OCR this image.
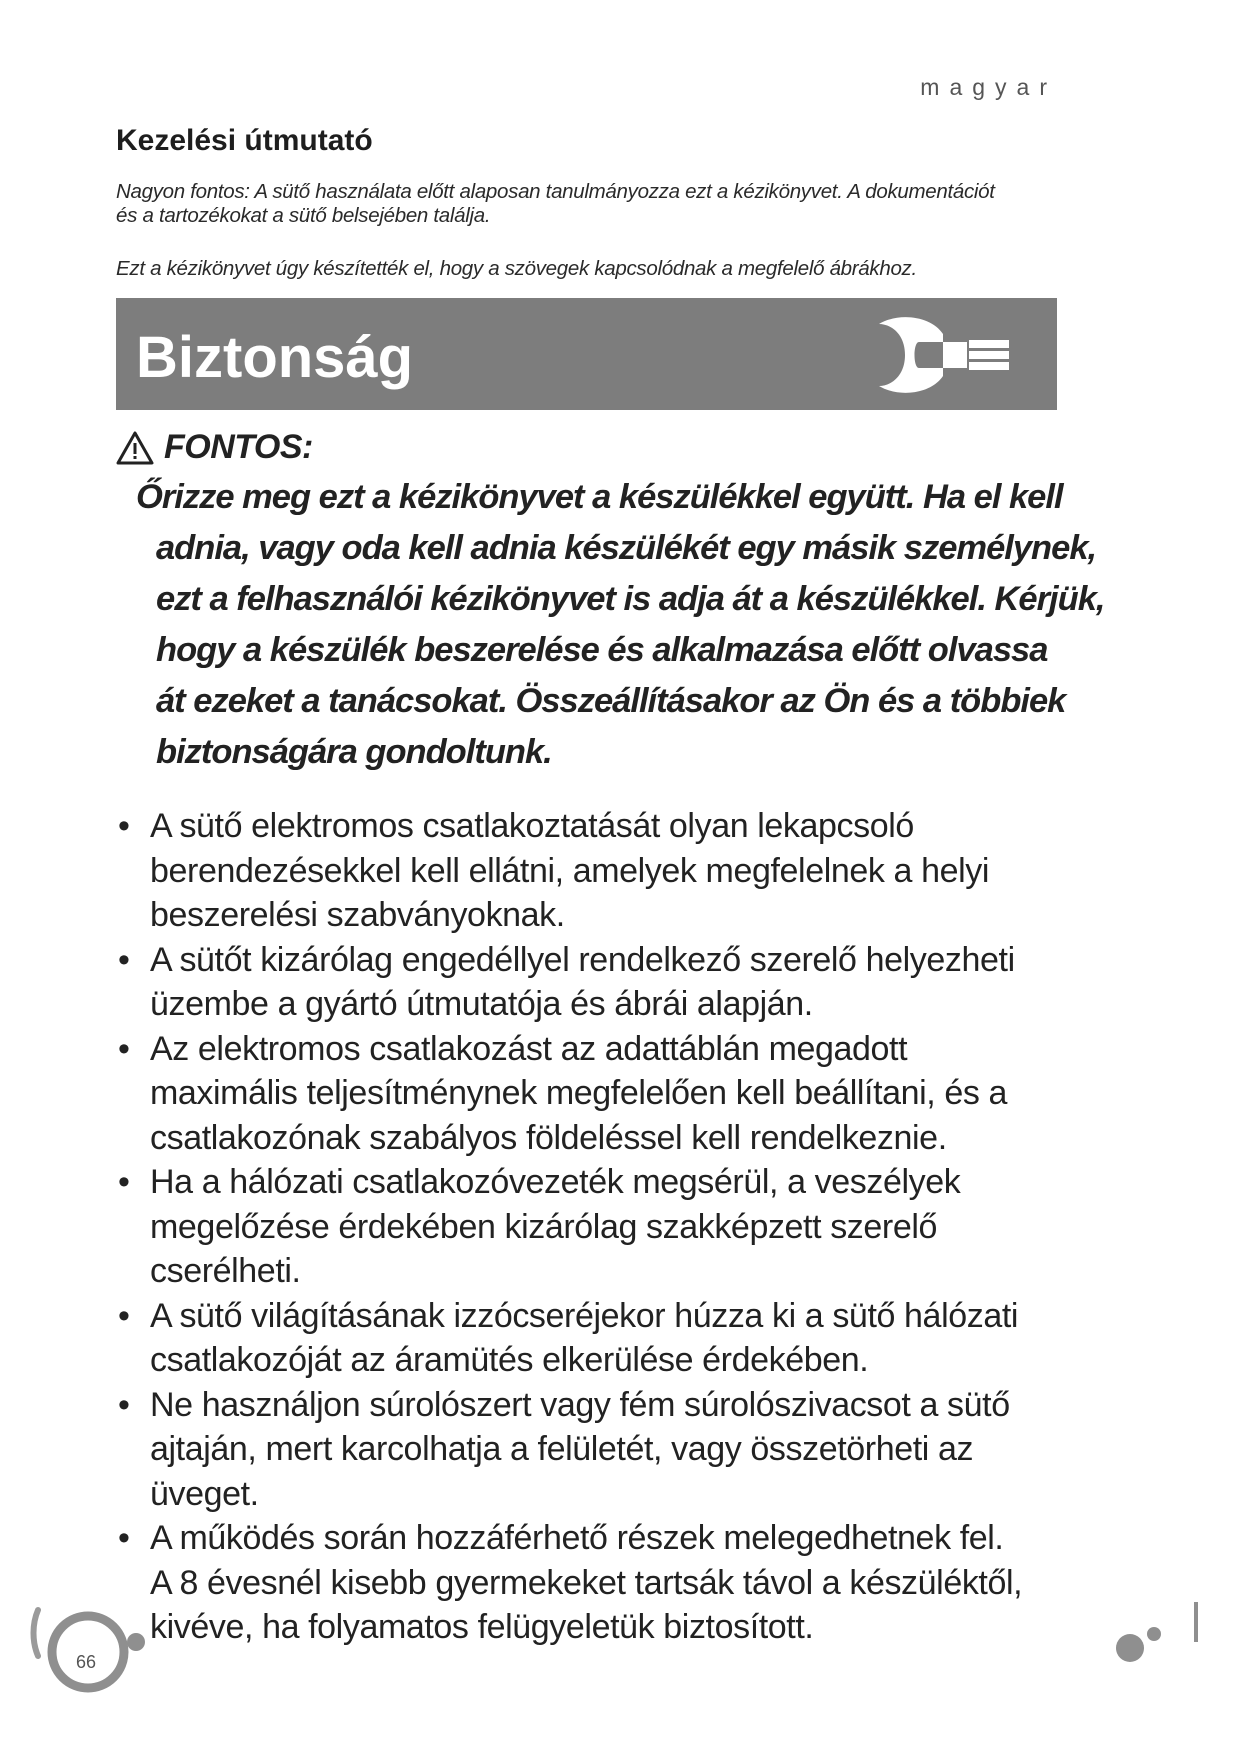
magyar
Kezelési útmutató

Nagyon fontos: A sütő használata előtt alaposan tanulmányozza ezt a kézikönyvet. A dokumentációt
és a tartozékokat a sütő belsejében találja.

Ezt a kézikönyvet úgy készítették el, hogy a szövegek kapcsolódnak a megfelelő ábrákhoz.

Biztonság
FONTOS:

Őrizze meg ezt a kézikönyvet a készülékkel együtt. Ha el kell
adnia, vagy oda kell adnia készülékét egy másik személynek,
ezt a felhasználói kézikönyvet is adja át a készülékkel. Kérjük,
hogy a készülék beszerelése és alkalmazása előtt olvassa
át ezeket a tanácsokat. Összeállításakor az Ön és a többiek
biztonságára gondoltunk.

• A sütő elektromos csatlakoztatását olyan lekapcsoló
berendezésekkel kell ellátni, amelyek megfelelnek a helyi
beszerelési szabványoknak.
• A sütőt kizárólag engedéllyel rendelkező szerelő helyezheti
üzembe a gyártó útmutatója és ábrái alapján.
• Az elektromos csatlakozást az adattáblán megadott
maximális teljesítménynek megfelelően kell beállítani, és a
csatlakozónak szabályos földeléssel kell rendelkeznie.
• Ha a hálózati csatlakozóvezeték megsérül, a veszélyek
megelőzése érdekében kizárólag szakképzett szerelő
cserélheti.
• A sütő világításának izzócseréjekor húzza ki a sütő hálózati
csatlakozóját az áramütés elkerülése érdekében.
• Ne használjon súrolószert vagy fém súrolószivacsot a sütő
ajtaján, mert karcolhatja a felületét, vagy összetörheti az
üveget.
• A működés során hozzáférhető részek melegedhetnek fel.
A 8 évesnél kisebb gyermekeket tartsák távol a készüléktől,
kivéve, ha folyamatos felügyeletük biztosított.
66
